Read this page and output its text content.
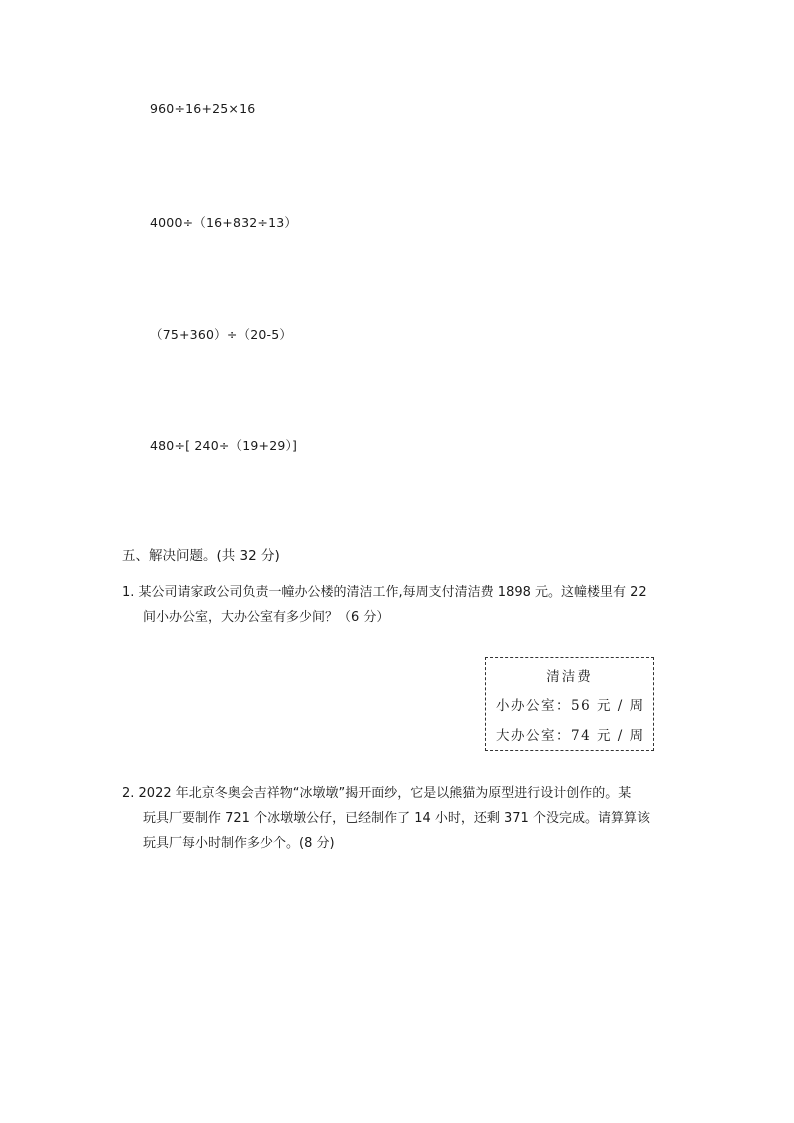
960÷16+25×16
4000÷（16+832÷13）
（75+360）÷（20-5）
480÷[ 240÷（19+29）]
五、解决问题。(共 32 分)
1. 某公司请家政公司负责一幢办公楼的清洁工作,每周支付清洁费 1898 元。这幢楼里有 22
间小办公室，大办公室有多少间？（6 分）
清洁费
小办公室：56 元 / 周
大办公室：74 元 / 周
2. 2022 年北京冬奥会吉祥物“冰墩墩”揭开面纱，它是以熊猫为原型进行设计创作的。某
玩具厂要制作 721 个冰墩墩公仔，已经制作了 14 小时，还剩 371 个没完成。请算算该
玩具厂每小时制作多少个。(8 分)
